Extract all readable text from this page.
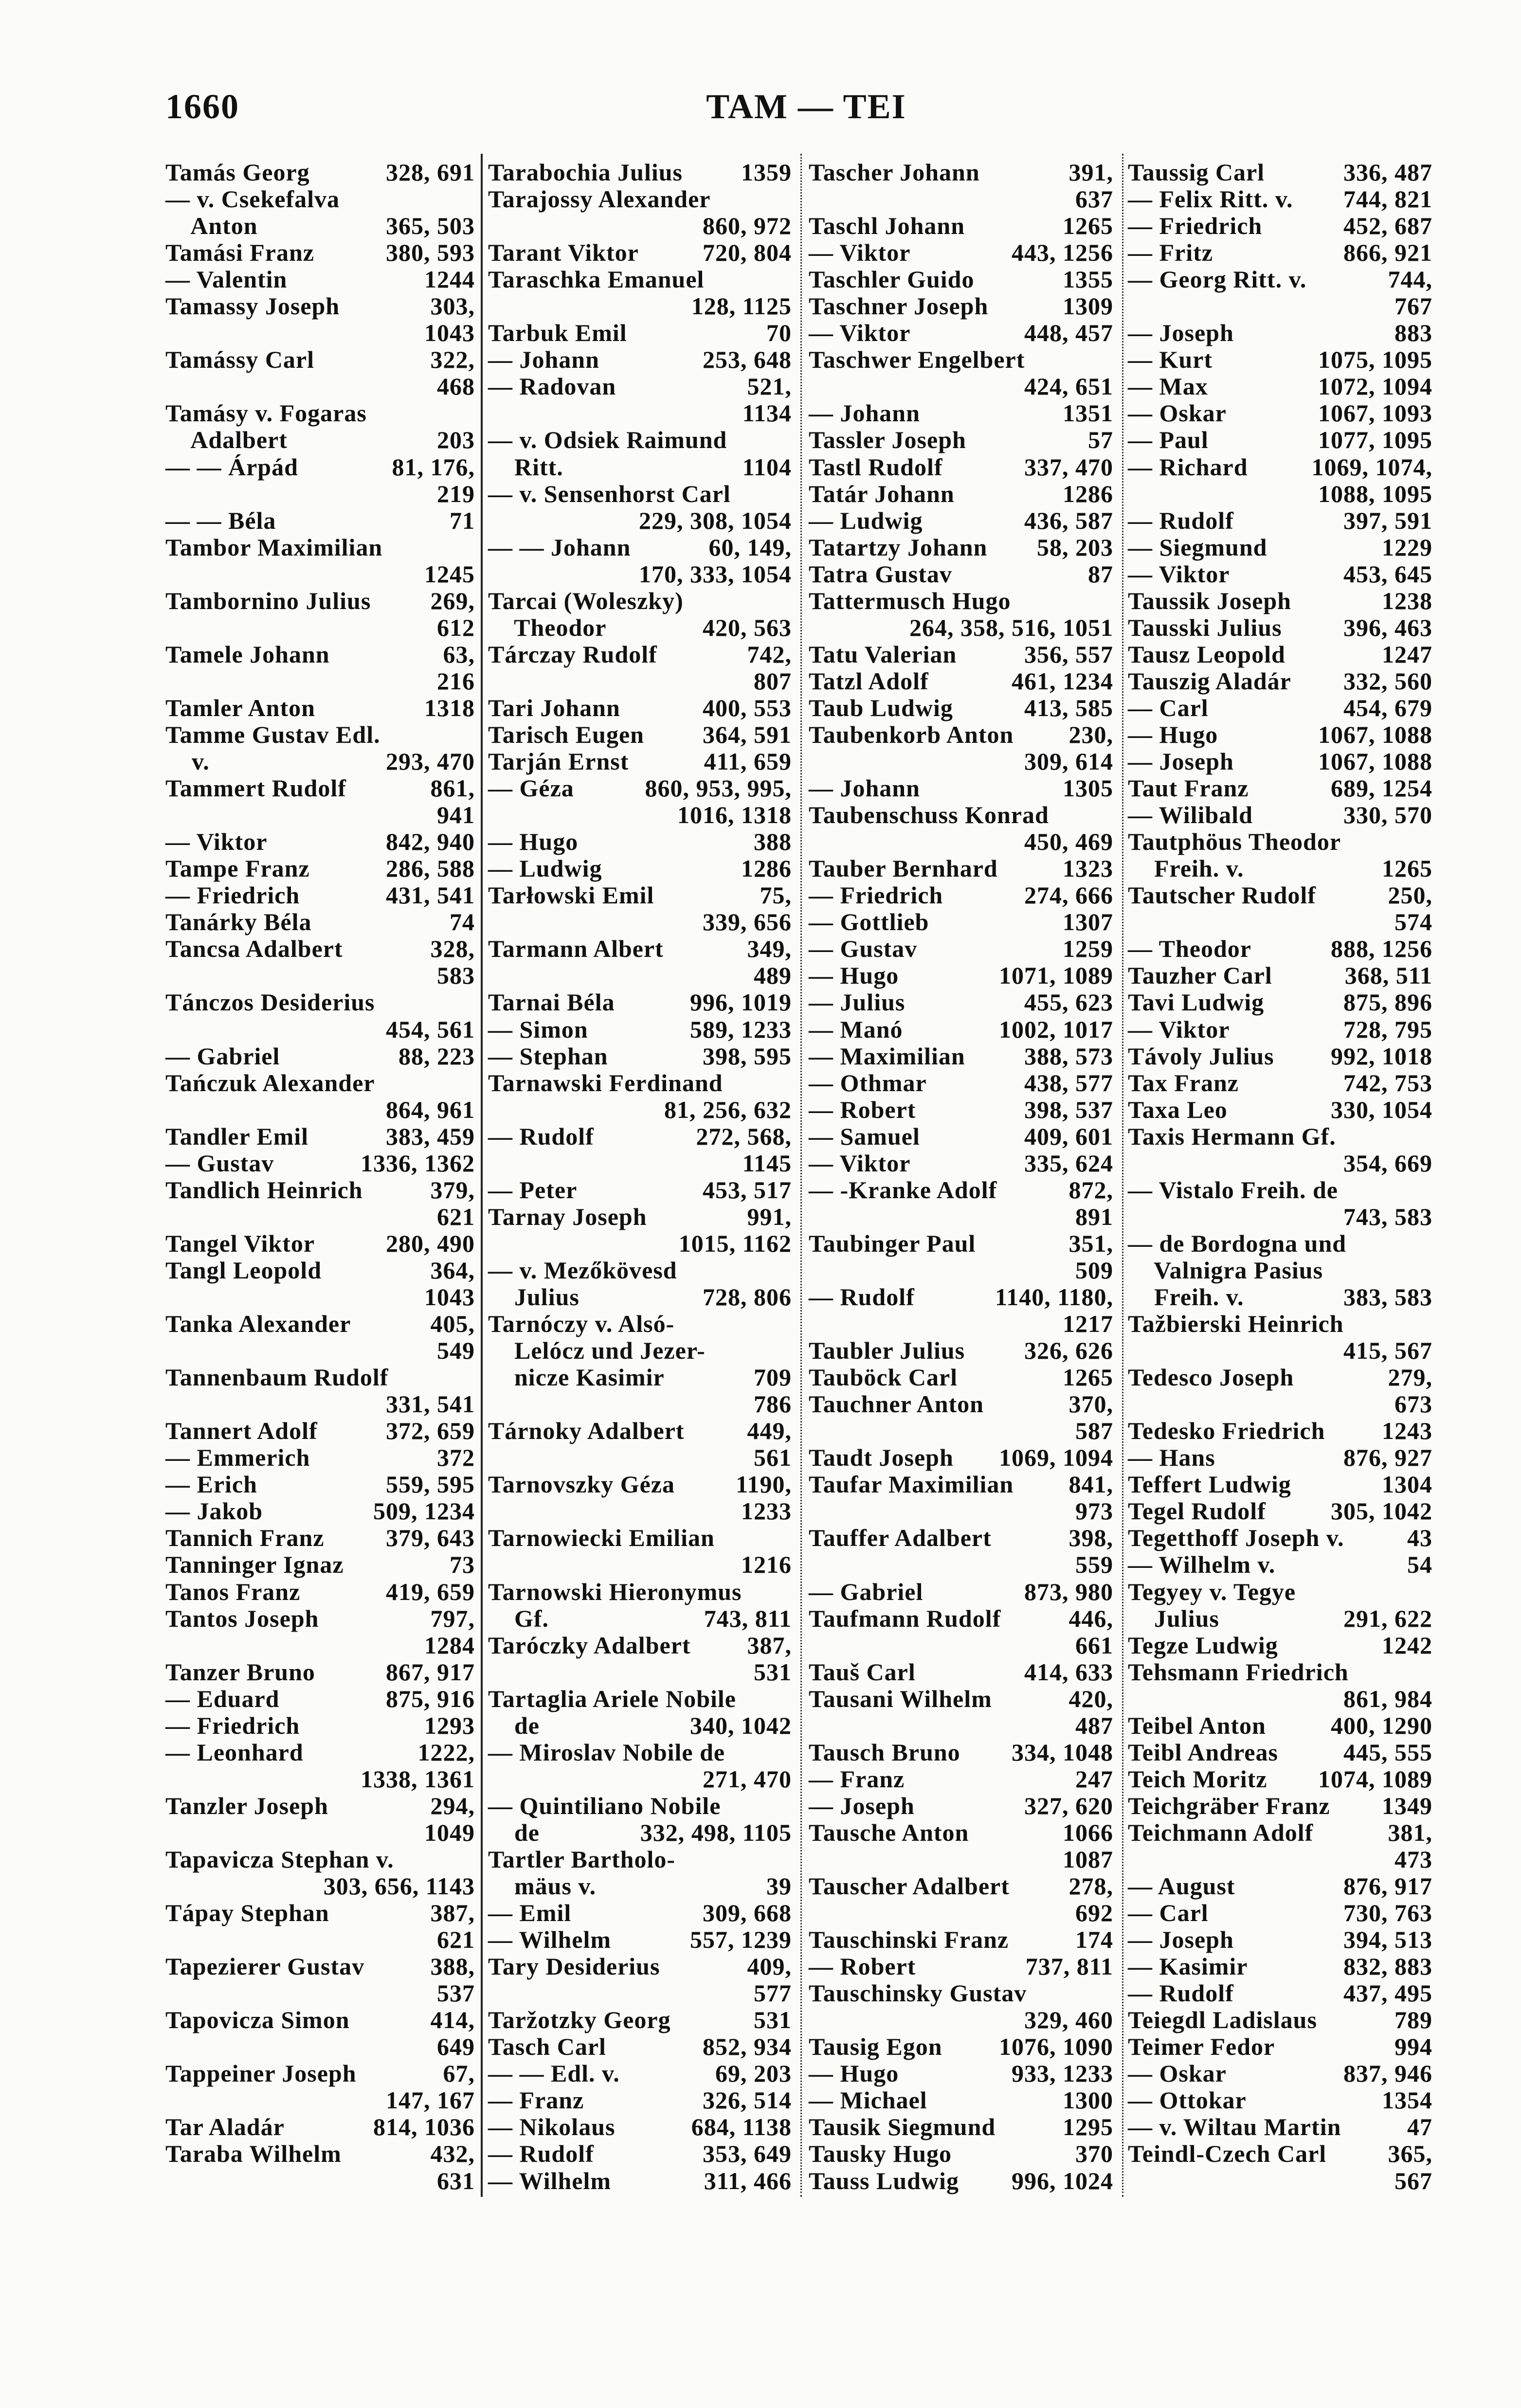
1660	TAM — TEI
Tamás Georg	328, 691
— v. Csekefalva
Anton	365, 503
Tamási Franz	380, 593
— Valentin	1244
Tamassy Joseph	303,
1043
Tamássy Carl	322,
468
Tamásy v. Fogaras
Adalbert	203
— — Árpád	81, 176,
219
— — Béla	71
Tambor Maximilian
1245
Tambornino Julius 269,
612
Tamele Johann	63,
216
Tamler Anton	1318
Tamme Gustav Edl.
v.	293, 470
Tammert Rudolf	861,
941
— Viktor	842, 940
Tampe Franz	286, 588
— Friedrich	431, 541
Tanárky Béla	74
Tancsa Adalbert	328,
583
Tánczos Desiderius
454, 561
— Gabriel	88, 223
Tańczuk Alexander
864, 961
Tandler Emil	383, 459
— Gustav	1336, 1362
Tandlich Heinrich	379,
621
Tangel Viktor	280, 490
Tangl Leopold	364,
1043
Tanka Alexander	405,
549
Tannenbaum Rudolf
331, 541
Tannert Adolf	372, 659
— Emmerich	372
— Erich	559, 595
— Jakob	509, 1234
Tannich Franz	379, 643
Tanninger Ignaz	73
Tanos Franz	419, 659
Tantos Joseph	797,
1284
Tanzer Bruno	867, 917
— Eduard	875, 916
— Friedrich	1293
— Leonhard	1222,
1338, 1361
Tanzler Joseph	294,
1049
Tapavicza Stephan v.
303, 656, 1143
Tápay Stephan	387,
621
Tapezierer Gustav	388,
537
Tapovicza Simon	414,
649
Tappeiner Joseph	67,
147, 167
Tar Aladár	814, 1036
Taraba Wilhelm	432,
631
Tarabochia Julius 1359
Tarajossy Alexander
860, 972
Tarant Viktor	720, 804
Taraschka Emanuel
128, 1125
Tarbuk Emil	70
— Johann	253, 648
— Radovan	521,
1134
— v. Odsiek Raimund
Ritt.	1104
— v. Sensenhorst Carl
229, 308, 1054
— — Johann	60, 149,
170, 333, 1054
Tarcai (Woleszky)
Theodor	420, 563
Tárczay Rudolf	742,
807
Tari Johann	400, 553
Tarisch Eugen 364, 591
Tarján Ernst	411, 659
— Géza	860, 953, 995,
1016, 1318
— Hugo	388
— Ludwig	1286
Tarłowski Emil	75,
339, 656
Tarmann Albert	349,
489
Tarnai Béla	996, 1019
— Simon	589, 1233
— Stephan	398, 595
Tarnawski Ferdinand
81, 256, 632
— Rudolf	272, 568,
1145
— Peter	453, 517
Tarnay Joseph	991,
1015, 1162
— v. Mezőkövesd
Julius	728, 806
Tarnóczy v. Alsó-
Lelócz und Jezer-
nicze Kasimir	709
786
Tárnoky Adalbert	449,
561
Tarnovszky Géza	1190,
1233
Tarnowiecki Emilian
1216
Tarnowski Hieronymus
Gf.	743, 811
Taróczky Adalbert 387,
531
Tartaglia Ariele Nobile
de	340, 1042
— Miroslav Nobile de
271, 470
— Quintiliano Nobile
de	332, 498, 1105
Tartler Bartholo-
mäus v.	39
— Emil	309, 668
— Wilhelm	557, 1239
Tary Desiderius	409,
577
Taržotzky Georg	531
Tasch Carl	852, 934
— — Edl. v.	69, 203
— Franz	326, 514
— Nikolaus	684, 1138
— Rudolf	353, 649
— Wilhelm	311, 466
Tascher Johann	391,
637
Taschl Johann	1265
— Viktor	443, 1256
Taschler Guido	1355
Taschner Joseph	1309
— Viktor	448, 457
Taschwer Engelbert
424, 651
— Johann	1351
Tassler Joseph	57
Tastl Rudolf	337, 470
Tatár Johann	1286
— Ludwig	436, 587
Tatartzy Johann 58, 203
Tatra Gustav	87
Tattermusch Hugo
264, 358, 516, 1051
Tatu Valerian	356, 557
Tatzl Adolf	461, 1234
Taub Ludwig	413, 585
Taubenkorb Anton 230,
309, 614
— Johann	1305
Taubenschuss Konrad
450, 469
Tauber Bernhard	1323
— Friedrich	274, 666
— Gottlieb	1307
— Gustav	1259
— Hugo	1071, 1089
— Julius	455, 623
— Manó	1002, 1017
— Maximilian 388, 573
— Othmar	438, 577
— Robert	398, 537
— Samuel	409, 601
— Viktor	335, 624
— -Kranke Adolf	872,
891
Taubinger Paul	351,
509
— Rudolf	1140, 1180,
1217
Taubler Julius 326, 626
Tauböck Carl	1265
Tauchner Anton	370,
587
Taudt Joseph 1069, 1094
Taufar Maximilian 841,
973
Tauffer Adalbert	398,
559
— Gabriel	873, 980
Taufmann Rudolf	446,
661
Tauš Carl	414, 633
Tausani Wilhelm	420,
487
Tausch Bruno 334, 1048
— Franz	247
— Joseph	327, 620
Tausche Anton	1066
1087
Tauscher Adalbert 278,
692
Tauschinski Franz	174
— Robert	737, 811
Tauschinsky Gustav
329, 460
Tausig Egon 1076, 1090
— Hugo	933, 1233
— Michael	1300
Tausik Siegmund	1295
Tausky Hugo	370
Tauss Ludwig 996, 1024
Taussig Carl	336, 487
— Felix Ritt. v. 744, 821
— Friedrich	452, 687
— Fritz	866, 921
— Georg Ritt. v.	744,
767
— Joseph	883
— Kurt	1075, 1095
— Max	1072, 1094
— Oskar	1067, 1093
— Paul	1077, 1095
— Richard	1069, 1074,
1088, 1095
— Rudolf	397, 591
— Siegmund	1229
— Viktor	453, 645
Taussik Joseph	1238
Tausski Julius	396, 463
Tausz Leopold	1247
Tauszig Aladár 332, 560
— Carl	454, 679
— Hugo	1067, 1088
— Joseph	1067, 1088
Taut Franz	689, 1254
— Wilibald	330, 570
Tautphöus Theodor
Freih. v.	1265
Tautscher Rudolf	250,
574
— Theodor	888, 1256
Tauzher Carl	368, 511
Tavi Ludwig	875, 896
— Viktor	728, 795
Távoly Julius 992, 1018
Tax Franz	742, 753
Taxa Leo	330, 1054
Taxis Hermann Gf.
354, 669
— Vistalo Freih. de
743, 583
— de Bordogna und
Valnigra Pasius
Freih. v.	383, 583
Tažbierski Heinrich
415, 567
Tedesco Joseph	279,
673
Tedesko Friedrich 1243
— Hans	876, 927
Teffert Ludwig	1304
Tegel Rudolf	305, 1042
Tegetthoff Joseph v.	43
— Wilhelm v.	54
Tegyey v. Tegye
Julius	291, 622
Tegze Ludwig	1242
Tehsmann Friedrich
861, 984
Teibel Anton	400, 1290
Teibl Andreas	445, 555
Teich Moritz 1074, 1089
Teichgräber Franz 1349
Teichmann Adolf	381,
473
— August	876, 917
— Carl	730, 763
— Joseph	394, 513
— Kasimir	832, 883
— Rudolf	437, 495
Teiegdl Ladislaus	789
Teimer Fedor	994
— Oskar	837, 946
— Ottokar	1354
— v. Wiltau Martin	47
Teindl-Czech Carl	365,
567
